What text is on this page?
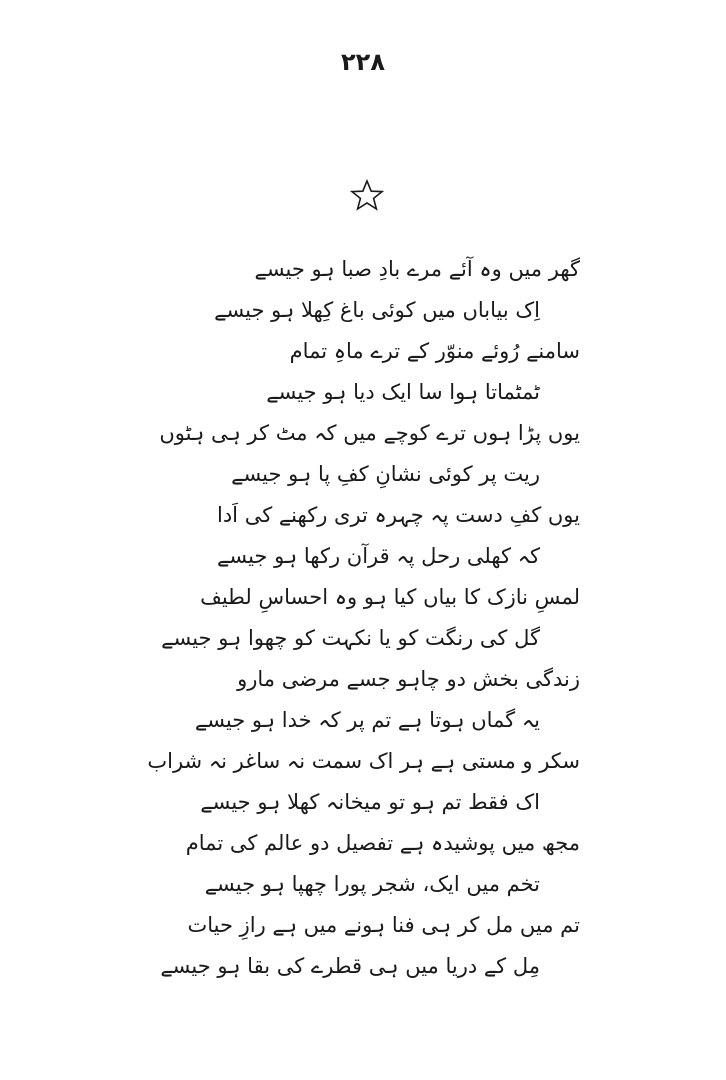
۲۲۸
گھر میں وہ آئے مرے بادِ صبا ہو جیسے
اِک بیاباں میں کوئی باغ کِھلا ہو جیسے
سامنے رُوئے منوّر کے ترے ماہِ تمام
ٹمٹماتا ہوا سا ایک دیا ہو جیسے
یوں پڑا ہوں ترے کوچے میں کہ مٹ کر ہی ہٹوں
ریت پر کوئی نشانِ کفِ پا ہو جیسے
یوں کفِ دست پہ چہرہ تری رکھنے کی اَدا
کہ کھلی رحل پہ قرآن رکھا ہو جیسے
لمسِ نازک کا بیاں کیا ہو وہ احساسِ لطیف
گل کی رنگت کو یا نکہت کو چھوا ہو جیسے
زندگی بخش دو چاہو جسے مرضی مارو
یہ گماں ہوتا ہے تم پر کہ خدا ہو جیسے
سکر و مستی ہے ہر اک سمت نہ ساغر نہ شراب
اک فقط تم ہو تو میخانہ کھلا ہو جیسے
مجھ میں پوشیدہ ہے تفصیل دو عالم کی تمام
تخم میں ایک، شجر پورا چھپا ہو جیسے
تم میں مل کر ہی فنا ہونے میں ہے رازِ حیات
مِل کے دریا میں ہی قطرے کی بقا ہو جیسے
